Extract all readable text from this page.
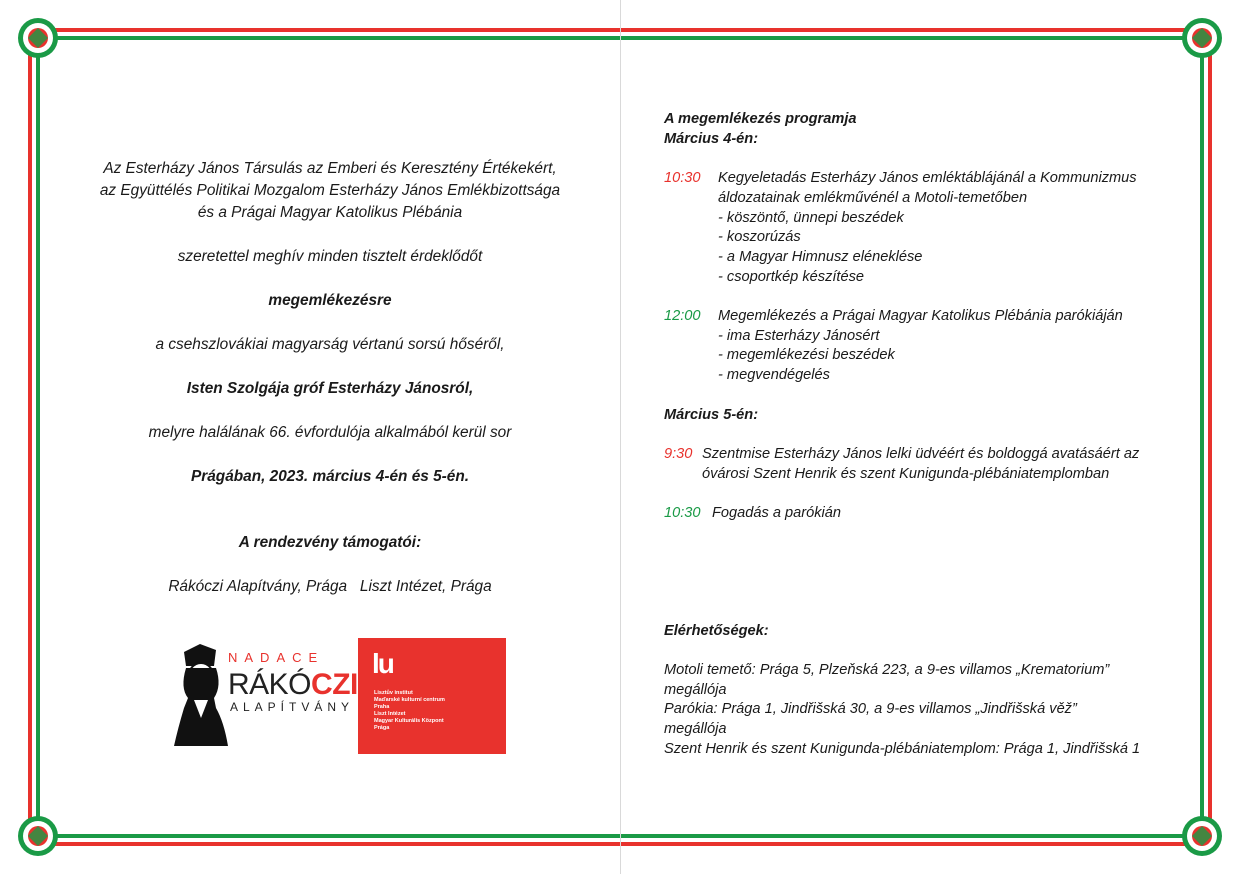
Az Esterházy János Társulás az Emberi és Keresztény Értékekért,

az Együttélés Politikai Mozgalom Esterházy János Emlékbizottsága

és a Prágai Magyar Katolikus Plébánia

szeretettel meghív minden tisztelt érdeklődőt

megemlékezésre

a csehszlovákiai magyarság vértanú sorsú hőséről,

Isten Szolgája gróf Esterházy Jánosról,

melyre halálának 66. évfordulója alkalmából kerül sor

Prágában, 2023. március 4-én és 5-én.

A rendezvény támogatói:

Rákóczi Alapítvány, Prága   Liszt Intézet, Prága

NADACE
RÁKÓCZI
ALAPÍTVÁNY
lu
Lisztův institut
Maďarské kulturní centrum
Praha
Liszt Intézet
Magyar Kulturális Központ
Prága
A megemlékezés programja
Március 4-én:
10:30	Kegyeletadás Esterházy János emléktáblájánál a Kommunizmus
áldozatainak emlékművénél a Motoli-temetőben
- köszöntő, ünnepi beszédek
- koszorúzás
- a Magyar Himnusz eléneklése
- csoportkép készítése
12:00	Megemlékezés a Prágai Magyar Katolikus Plébánia parókiáján
- ima Esterházy Jánosért
- megemlékezési beszédek
- megvendégelés
Március 5-én:
9:30 Szentmise Esterházy János lelki üdvéért és boldoggá avatásáért az
óvárosi Szent Henrik és szent Kunigunda-plébániatemplomban
10:30 Fogadás a parókián
Elérhetőségek:
Motoli temető: Prága 5, Plzeňská 223, a 9-es villamos „Krematorium”
megállója
Parókia: Prága 1, Jindřišská 30, a 9-es villamos „Jindřišská věž”
megállója
Szent Henrik és szent Kunigunda-plébániatemplom: Prága 1, Jindřišská 1
